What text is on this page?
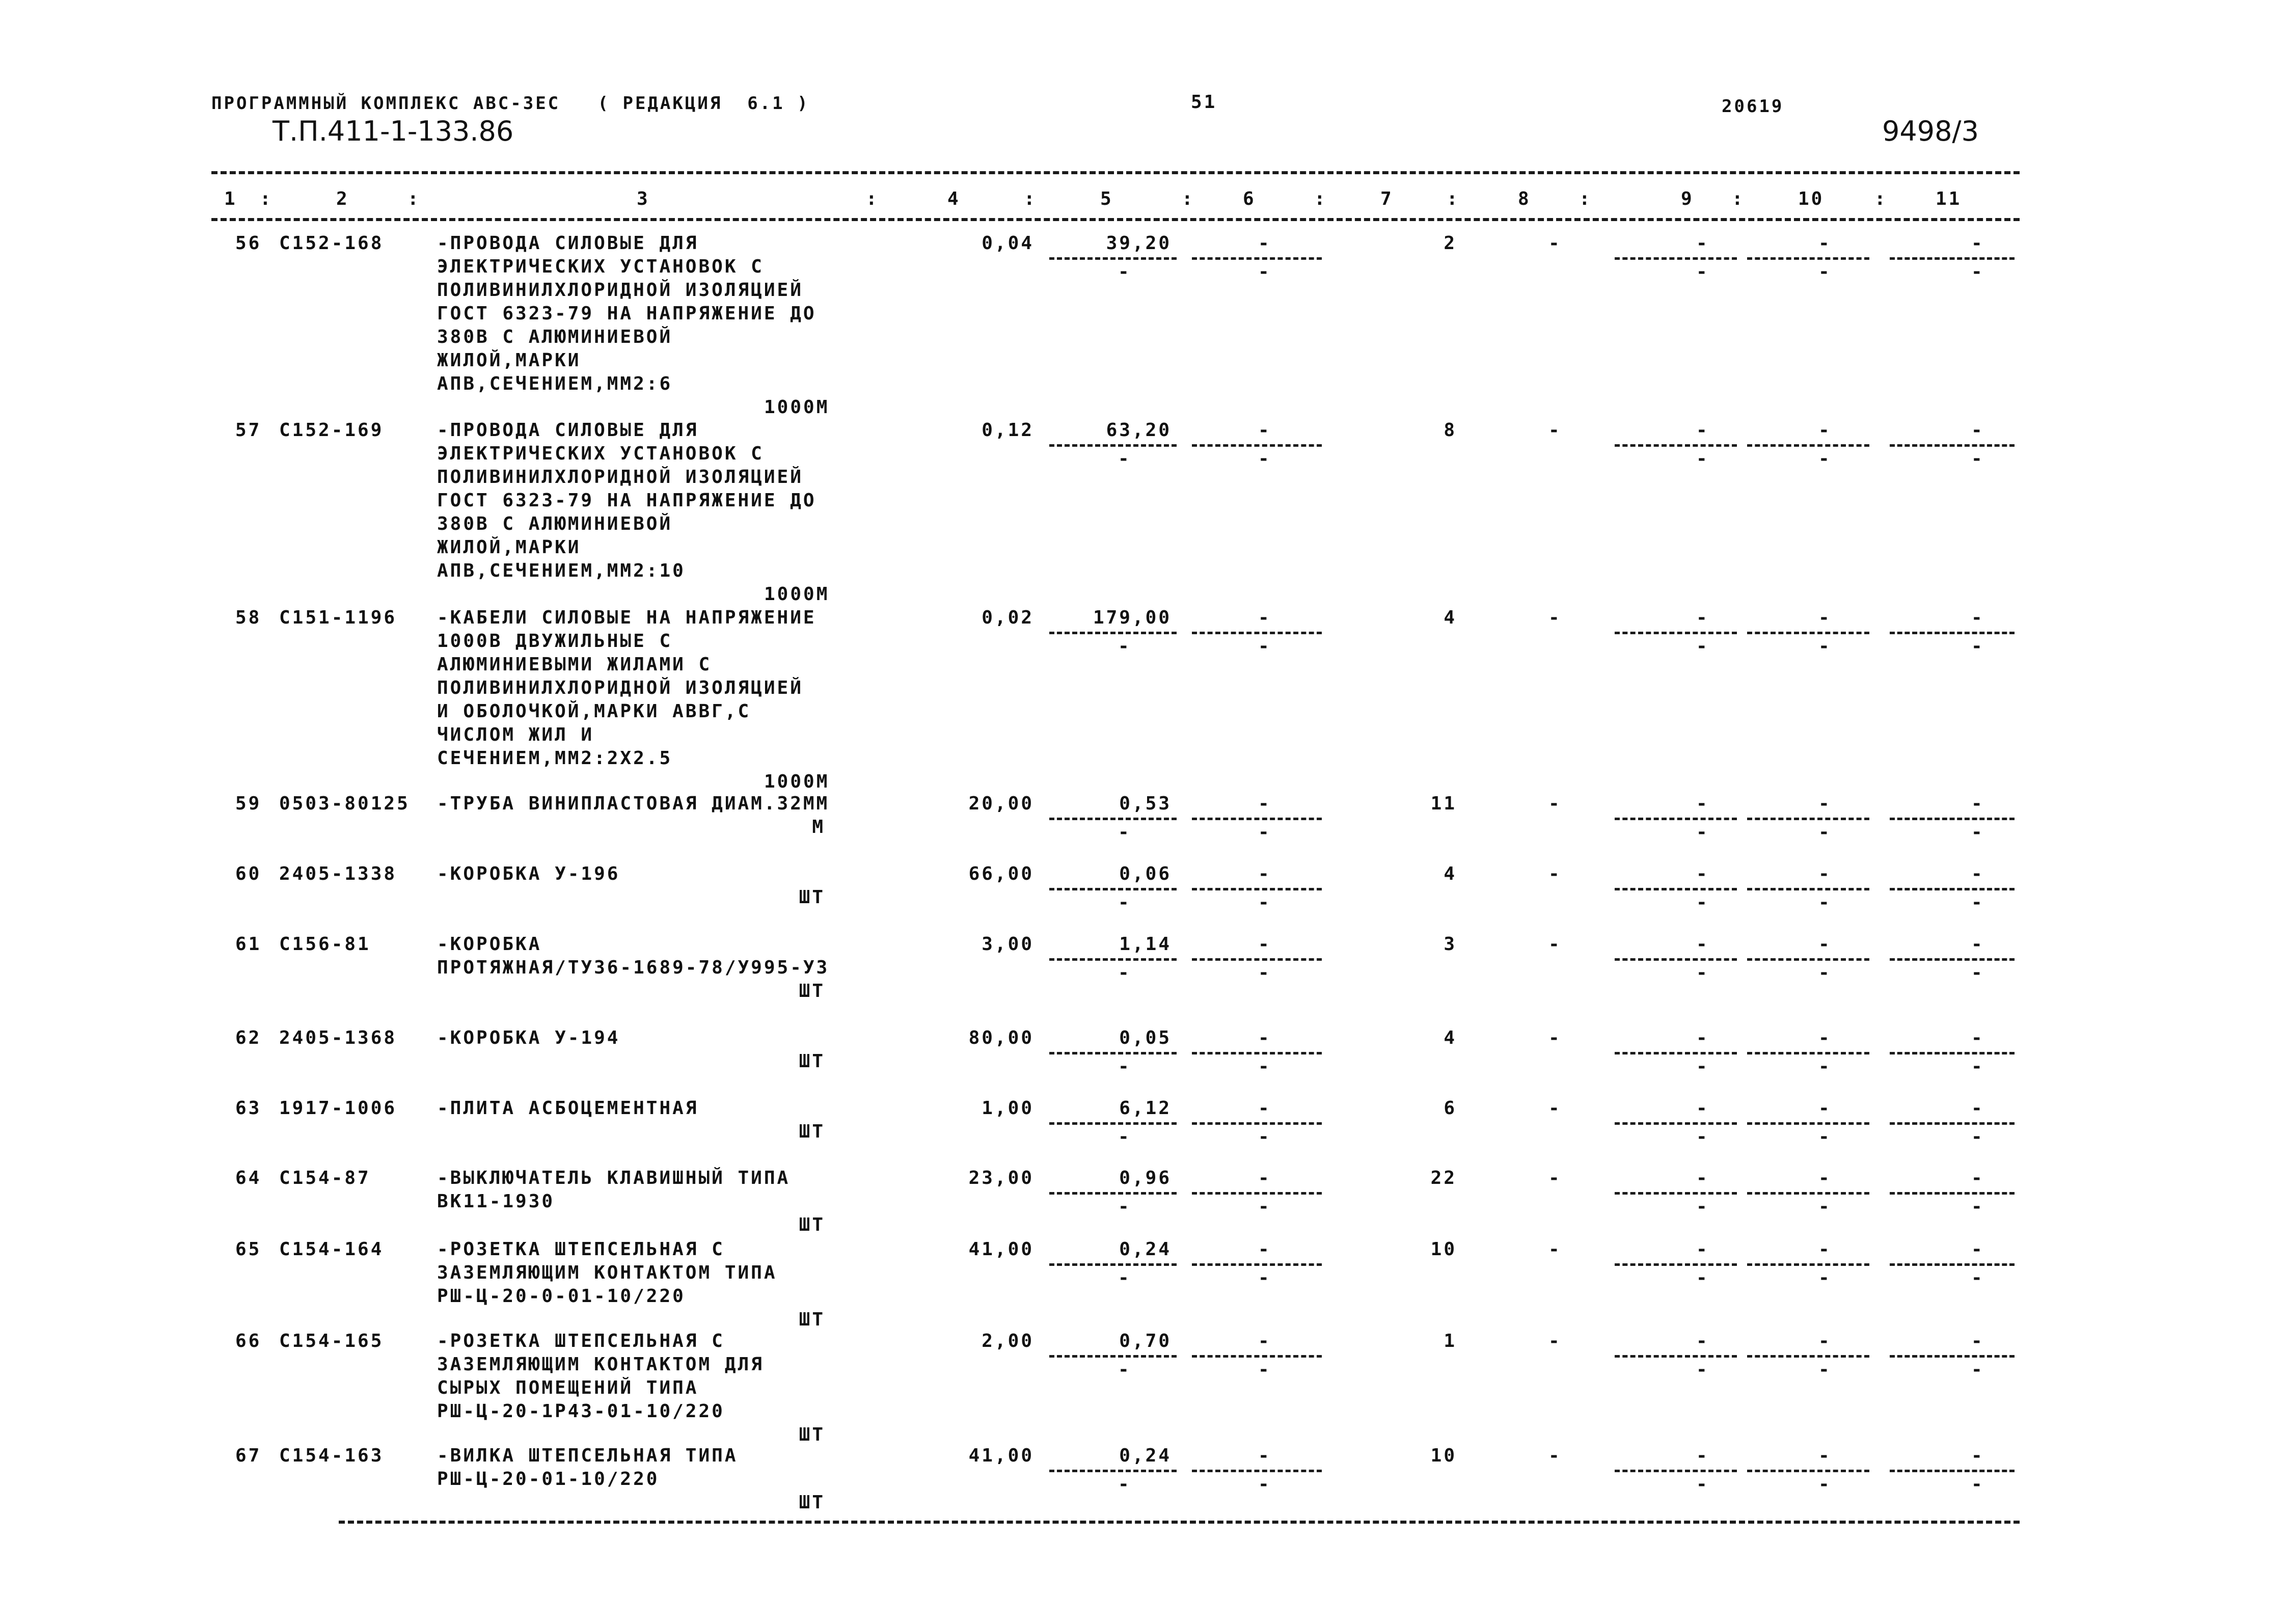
ПРОГРАММНЫЙ КОМПЛЕКС АВС-ЗЕС   ( РЕДАКЦИЯ  6.1 )	51	20619
Т.П.411-1-133.86	9498/3
1 :	2	:	3	:	4	:	5	:	6	:	7	:	8	:	9 :	10	:	11
56 С152-168	-ПРОВОДА СИЛОВЫЕ ДЛЯ
ЭЛЕКТРИЧЕСКИХ УСТАНОВОК С
ПОЛИВИНИЛХЛОРИДНОЙ ИЗОЛЯЦИЕЙ
ГОСТ 6323-79 НА НАПРЯЖЕНИЕ ДО
380В С АЛЮМИНИЕВОЙ
ЖИЛОЙ,МАРКИ
АПВ,СЕЧЕНИЕМ,ММ2:6
1000М
0,04	39,20	-	2	-	-	-	-
-	-	-	-	-
57 С152-169	-ПРОВОДА СИЛОВЫЕ ДЛЯ
ЭЛЕКТРИЧЕСКИХ УСТАНОВОК С
ПОЛИВИНИЛХЛОРИДНОЙ ИЗОЛЯЦИЕЙ
ГОСТ 6323-79 НА НАПРЯЖЕНИЕ ДО
380В С АЛЮМИНИЕВОЙ
ЖИЛОЙ,МАРКИ
АПВ,СЕЧЕНИЕМ,ММ2:10
1000М
0,12	63,20	-	8	-	-	-	-
-	-	-	-	-
58 С151-1196 -КАБЕЛИ СИЛОВЫЕ НА НАПРЯЖЕНИЕ
1000В ДВУЖИЛЬНЫЕ С
АЛЮМИНИЕВЫМИ ЖИЛАМИ С
ПОЛИВИНИЛХЛОРИДНОЙ ИЗОЛЯЦИЕЙ
И ОБОЛОЧКОЙ,МАРКИ АВВГ,С
ЧИСЛОМ ЖИЛ И
СЕЧЕНИЕМ,ММ2:2Х2.5
1000М
0,02	179,00	-	4	-	-	-	-
-	-	-	-	-
59 0503-80125 -ТРУБА ВИНИПЛАСТОВАЯ ДИАМ.32ММ
М
20,00	0,53	-	11	-	-	-	-
-	-	-	-	-
60 2405-1338 -КОРОБКА У-196
ШТ
66,00	0,06	-	4	-	-	-	-
-	-	-	-	-
61 С156-81	-КОРОБКА
ПРОТЯЖНАЯ/ТУ36-1689-78/У995-У3
ШТ
3,00	1,14	-	3	-	-	-	-
-	-	-	-	-
62 2405-1368 -КОРОБКА У-194
ШТ
80,00	0,05	-	4	-	-	-	-
-	-	-	-	-
63 1917-1006 -ПЛИТА АСБОЦЕМЕНТНАЯ
ШТ
1,00	6,12	-	6	-	-	-	-
-	-	-	-	-
64 С154-87	-ВЫКЛЮЧАТЕЛЬ КЛАВИШНЫЙ ТИПА
ВК11-1930
ШТ
23,00	0,96	-	22	-	-	-	-
-	-	-	-	-
65 С154-164	-РОЗЕТКА ШТЕПСЕЛЬНАЯ С
ЗАЗЕМЛЯЮЩИМ КОНТАКТОМ ТИПА
РШ-Ц-20-0-01-10/220
ШТ
41,00	0,24	-	10	-	-	-	-
-	-	-	-	-
66 С154-165	-РОЗЕТКА ШТЕПСЕЛЬНАЯ С
ЗАЗЕМЛЯЮЩИМ КОНТАКТОМ ДЛЯ
СЫРЫХ ПОМЕЩЕНИЙ ТИПА
РШ-Ц-20-1Р43-01-10/220
ШТ
2,00	0,70	-	1	-	-	-	-
-	-	-	-	-
67 С154-163	-ВИЛКА ШТЕПСЕЛЬНАЯ ТИПА
РШ-Ц-20-01-10/220
ШТ
41,00	0,24	-	10	-	-	-	-
-	-	-	-	-
